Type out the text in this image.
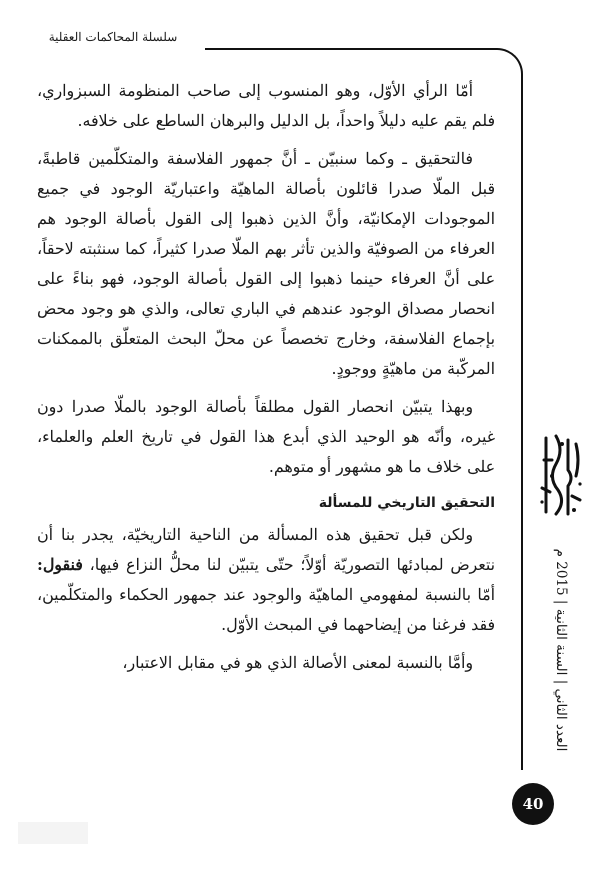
سلسلة المحاكمات العقلية
المحاكمات العقلية
العدد الثاني | السنة الثانية | 2015 م
40

أمّا الرأي الأوّل، وهو المنسوب إلى صاحب المنظومة السبزواري، فلم يقم عليه دليلاً واحداً، بل الدليل والبرهان الساطع على خلافه.

فالتحقيق ـ وكما سنبيّن ـ أنَّ جمهور الفلاسفة والمتكلّمين قاطبةً، قبل الملّا صدرا قائلون بأصالة الماهيّة واعتباريّة الوجود في جميع الموجودات الإمكانيّة، وأنَّ الذين ذهبوا إلى القول بأصالة الوجود هم العرفاء من الصوفيّة والذين تأثر بهم الملّا صدرا كثيراً، كما سنثبته لاحقاً، على أنَّ العرفاء حينما ذهبوا إلى القول بأصالة الوجود، فهو بناءً على انحصار مصداق الوجود عندهم في الباري تعالى، والذي هو وجود محض بإجماع الفلاسفة، وخارج تخصصاً عن محلّ البحث المتعلّق بالممكنات المركّبة من ماهيّةٍ ووجودٍ.

وبهذا يتبيّن انحصار القول مطلقاً بأصالة الوجود بالملّا صدرا دون غيره، وأنّه هو الوحيد الذي أبدع هذا القول في تاريخ العلم والعلماء، على خلاف ما هو مشهور أو متوهم.

التحقيق التاريخي للمسألة

ولكن قبل تحقيق هذه المسألة من الناحية التاريخيّة، يجدر بنا أن نتعرض لمبادئها التصوريّة أوّلاً؛ حتّى يتبيّن لنا محلُّ النزاع فيها، فنقول: أمّا بالنسبة لمفهومي الماهيّة والوجود عند جمهور الحكماء والمتكلّمين، فقد فرغنا من إيضاحهما في المبحث الأوّل.

وأمَّا بالنسبة لمعنى الأصالة الذي هو في مقابل الاعتبار،
